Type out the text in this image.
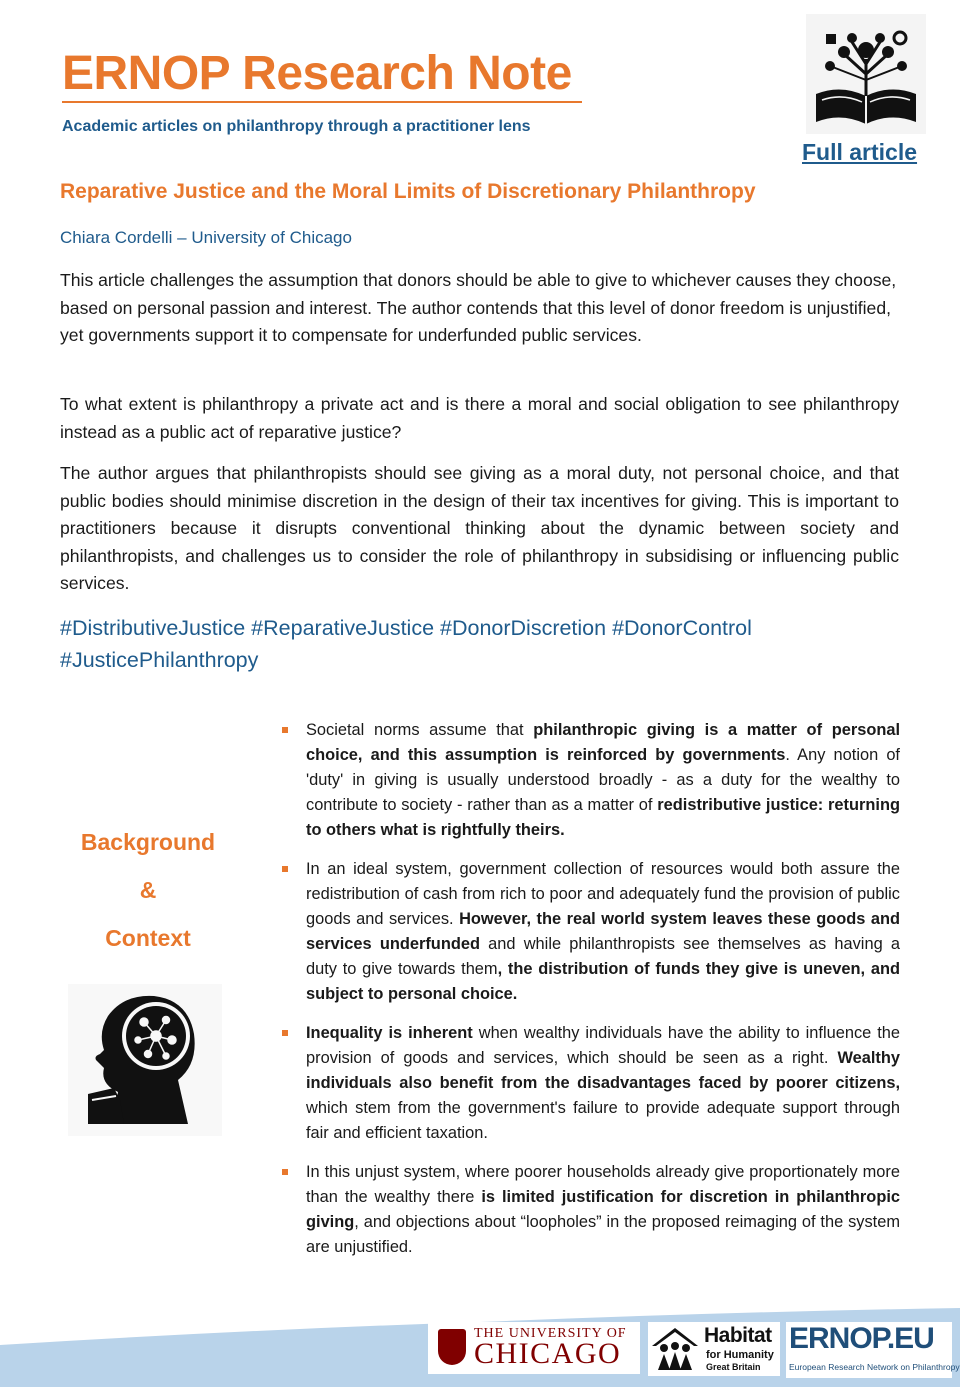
ERNOP Research Note
Academic articles on philanthropy through a practitioner lens
Full article
Reparative Justice and the Moral Limits of Discretionary Philanthropy
Chiara Cordelli – University of Chicago
This article challenges the assumption that donors should be able to give to whichever causes they choose, based on personal passion and interest. The author contends that this level of donor freedom is unjustified, yet governments support it to compensate for underfunded public services.
To what extent is philanthropy a private act and is there a moral and social obligation to see philanthropy instead as a public act of reparative justice?
The author argues that philanthropists should see giving as a moral duty, not personal choice, and that public bodies should minimise discretion in the design of their tax incentives for giving. This is important to practitioners because it disrupts conventional thinking about the dynamic between society and philanthropists, and challenges us to consider the role of philanthropy in subsidising or influencing public services.
#DistributiveJustice #ReparativeJustice #DonorDiscretion #DonorControl
#JusticePhilanthropy
Background
&
Context
Societal norms assume that philanthropic giving is a matter of personal choice, and this assumption is reinforced by governments. Any notion of 'duty' in giving is usually understood broadly - as a duty for the wealthy to contribute to society - rather than as a matter of redistributive justice: returning to others what is rightfully theirs.
In an ideal system, government collection of resources would both assure the redistribution of cash from rich to poor and adequately fund the provision of public goods and services. However, the real world system leaves these goods and services underfunded and while philanthropists see themselves as having a duty to give towards them, the distribution of funds they give is uneven, and subject to personal choice.
Inequality is inherent when wealthy individuals have the ability to influence the provision of goods and services, which should be seen as a right. Wealthy individuals also benefit from the disadvantages faced by poorer citizens, which stem from the government's failure to provide adequate support through fair and efficient taxation.
In this unjust system, where poorer households already give proportionately more than the wealthy there is limited justification for discretion in philanthropic giving, and objections about “loopholes” in the proposed reimaging of the system are unjustified.
THE UNIVERSITY OF
CHICAGO
Habitat
for Humanity
Great Britain
ERNOP.EU
European Research Network on Philanthropy
